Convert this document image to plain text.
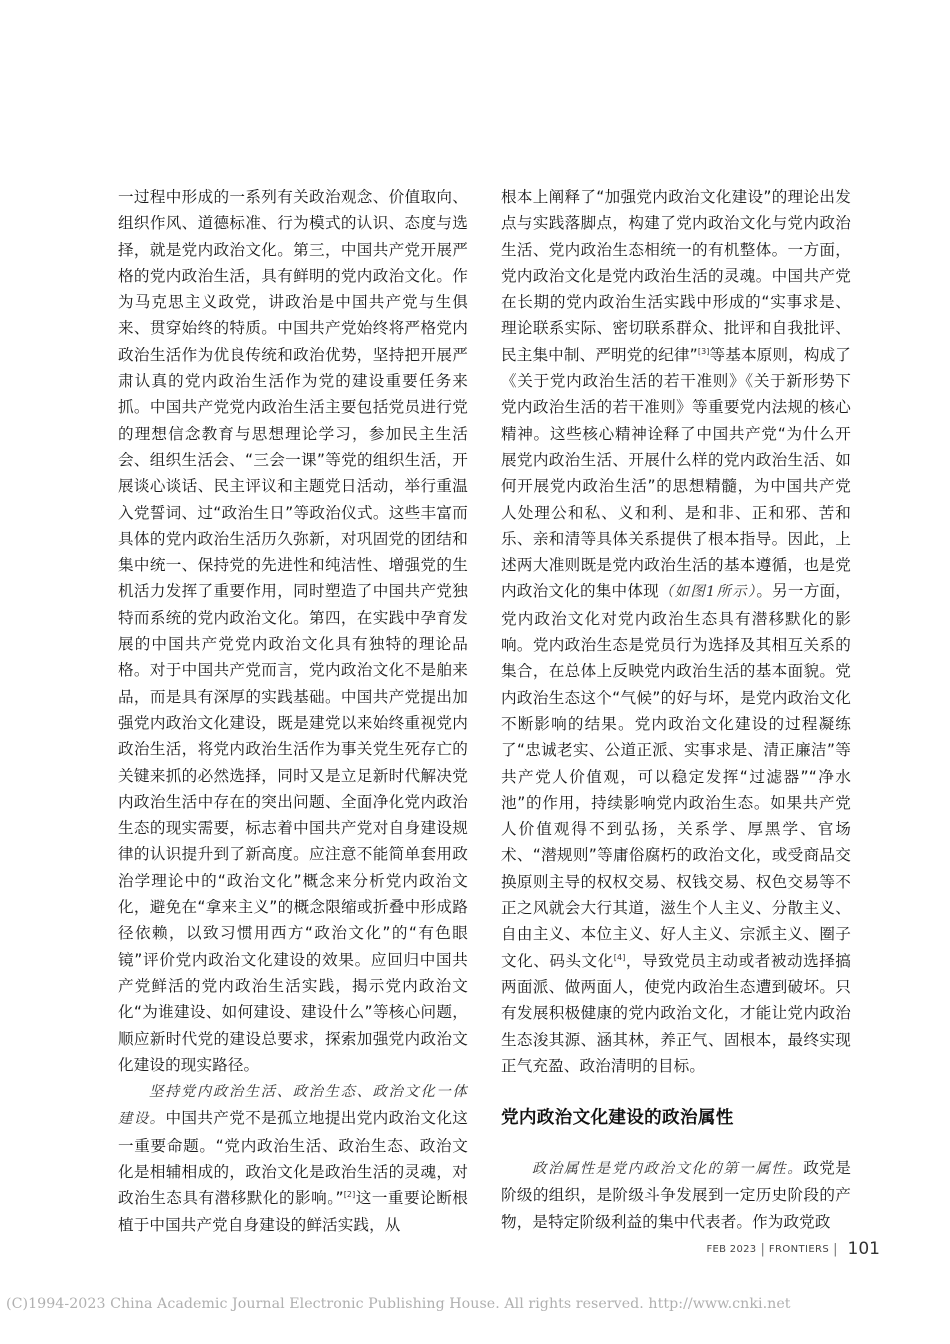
一过程中形成的一系列有关政治观念、价值取向、组织作风、道德标准、行为模式的认识、态度与选择，就是党内政治文化。第三，中国共产党开展严格的党内政治生活，具有鲜明的党内政治文化。作为马克思主义政党，讲政治是中国共产党与生俱来、贯穿始终的特质。中国共产党始终将严格党内政治生活作为优良传统和政治优势，坚持把开展严肃认真的党内政治生活作为党的建设重要任务来抓。中国共产党党内政治生活主要包括党员进行党的理想信念教育与思想理论学习，参加民主生活会、组织生活会、“三会一课”等党的组织生活，开展谈心谈话、民主评议和主题党日活动，举行重温入党誓词、过“政治生日”等政治仪式。这些丰富而具体的党内政治生活历久弥新，对巩固党的团结和集中统一、保持党的先进性和纯洁性、增强党的生机活力发挥了重要作用，同时塑造了中国共产党独特而系统的党内政治文化。第四，在实践中孕育发展的中国共产党党内政治文化具有独特的理论品格。对于中国共产党而言，党内政治文化不是舶来品，而是具有深厚的实践基础。中国共产党提出加强党内政治文化建设，既是建党以来始终重视党内政治生活，将党内政治生活作为事关党生死存亡的关键来抓的必然选择，同时又是立足新时代解决党内政治生活中存在的突出问题、全面净化党内政治生态的现实需要，标志着中国共产党对自身建设规律的认识提升到了新高度。应注意不能简单套用政治学理论中的“政治文化”概念来分析党内政治文化，避免在“拿来主义”的概念限缩或折叠中形成路径依赖，以致习惯用西方“政治文化”的“有色眼镜”评价党内政治文化建设的效果。应回归中国共产党鲜活的党内政治生活实践，揭示党内政治文化“为谁建设、如何建设、建设什么”等核心问题，顺应新时代党的建设总要求，探索加强党内政治文化建设的现实路径。

坚持党内政治生活、政治生态、政治文化一体建设。中国共产党不是孤立地提出党内政治文化这一重要命题。“党内政治生活、政治生态、政治文化是相辅相成的，政治文化是政治生活的灵魂，对政治生态具有潜移默化的影响。”[2]这一重要论断根植于中国共产党自身建设的鲜活实践，从

根本上阐释了“加强党内政治文化建设”的理论出发点与实践落脚点，构建了党内政治文化与党内政治生活、党内政治生态相统一的有机整体。一方面，党内政治文化是党内政治生活的灵魂。中国共产党在长期的党内政治生活实践中形成的“实事求是、理论联系实际、密切联系群众、批评和自我批评、民主集中制、严明党的纪律”[3]等基本原则，构成了《关于党内政治生活的若干准则》《关于新形势下党内政治生活的若干准则》等重要党内法规的核心精神。这些核心精神诠释了中国共产党“为什么开展党内政治生活、开展什么样的党内政治生活、如何开展党内政治生活”的思想精髓，为中国共产党人处理公和私、义和利、是和非、正和邪、苦和乐、亲和清等具体关系提供了根本指导。因此，上述两大准则既是党内政治生活的基本遵循，也是党内政治文化的集中体现（如图1所示）。另一方面，党内政治文化对党内政治生态具有潜移默化的影响。党内政治生态是党员行为选择及其相互关系的集合，在总体上反映党内政治生活的基本面貌。党内政治生态这个“气候”的好与坏，是党内政治文化不断影响的结果。党内政治文化建设的过程凝练了“忠诚老实、公道正派、实事求是、清正廉洁”等共产党人价值观，可以稳定发挥“过滤器”“净水池”的作用，持续影响党内政治生态。如果共产党人价值观得不到弘扬，关系学、厚黑学、官场术、“潜规则”等庸俗腐朽的政治文化，或受商品交换原则主导的权权交易、权钱交易、权色交易等不正之风就会大行其道，滋生个人主义、分散主义、自由主义、本位主义、好人主义、宗派主义、圈子文化、码头文化[4]，导致党员主动或者被动选择搞两面派、做两面人，使党内政治生态遭到破坏。只有发展积极健康的党内政治文化，才能让党内政治生态浚其源、涵其林，养正气、固根本，最终实现正气充盈、政治清明的目标。

党内政治文化建设的政治属性

政治属性是党内政治文化的第一属性。政党是阶级的组织，是阶级斗争发展到一定历史阶段的产物，是特定阶级利益的集中代表者。作为政党政

FEB 2023 | FRONTIERS | 101
(C)1994-2023 China Academic Journal Electronic Publishing House. All rights reserved. http://www.cnki.net
